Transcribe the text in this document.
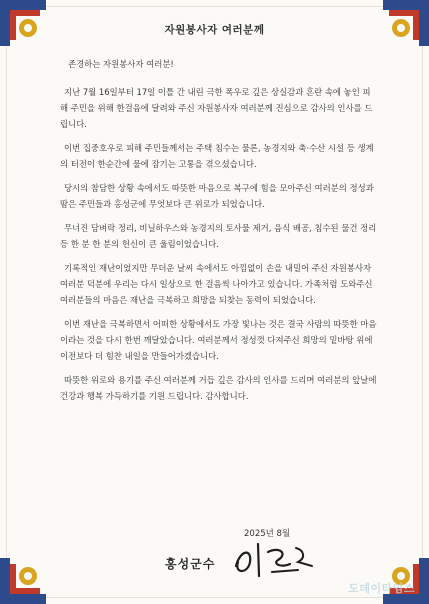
자원봉사자 여러분께

존경하는 자원봉사자 여러분!

지난 7월 16일부터 17일 이틀 간 내린 극한 폭우로 깊은 상실감과 혼란 속에 놓인 피해 주민을 위해 한걸음에 달려와 주신 자원봉사자 여러분께 진심으로 감사의 인사를 드립니다.

이번 집중호우로 피해 주민들께서는 주택 침수는 물론, 농경지와 축·수산 시설 등 생계의 터전이 한순간에 물에 잠기는 고통을 겪으셨습니다.

당시의 참담한 상황 속에서도 따뜻한 마음으로 복구에 힘을 모아주신 여러분의 정성과 땀은 주민들과 홍성군에 무엇보다 큰 위로가 되었습니다.

무너진 담벼락 정리, 비닐하우스와 농경지의 토사물 제거, 음식 배공, 침수된 물건 정리 등 한 분 한 분의 헌신이 큰 울림이었습니다.

기록적인 재난이었지만 무더운 날씨 속에서도 아낌없이 손을 내밀어 주신 자원봉사자 여러분 덕분에 우리는 다시 일상으로 한 걸음씩 나아가고 있습니다. 가족처럼 도와주신 여러분들의 마음은 재난을 극복하고 희망을 되찾는 동력이 되었습니다.

이번 재난을 극복하면서 어떠한 상황에서도 가장 빛나는 것은 결국 사람의 따뜻한 마음이라는 것을 다시 한번 깨달았습니다. 여러분께서 정성껏 다져주신 희망의 밑바탕 위에 이전보다 더 힘찬 내일을 만들어가겠습니다.

따뜻한 위로와 용기를 주신 여러분께 거듭 깊은 감사의 인사를 드리며 여러분의 앞날에 건강과 행복 가득하기를 기원 드립니다. 감사합니다.

2025년 8월
홍성군수
도데이타임스
